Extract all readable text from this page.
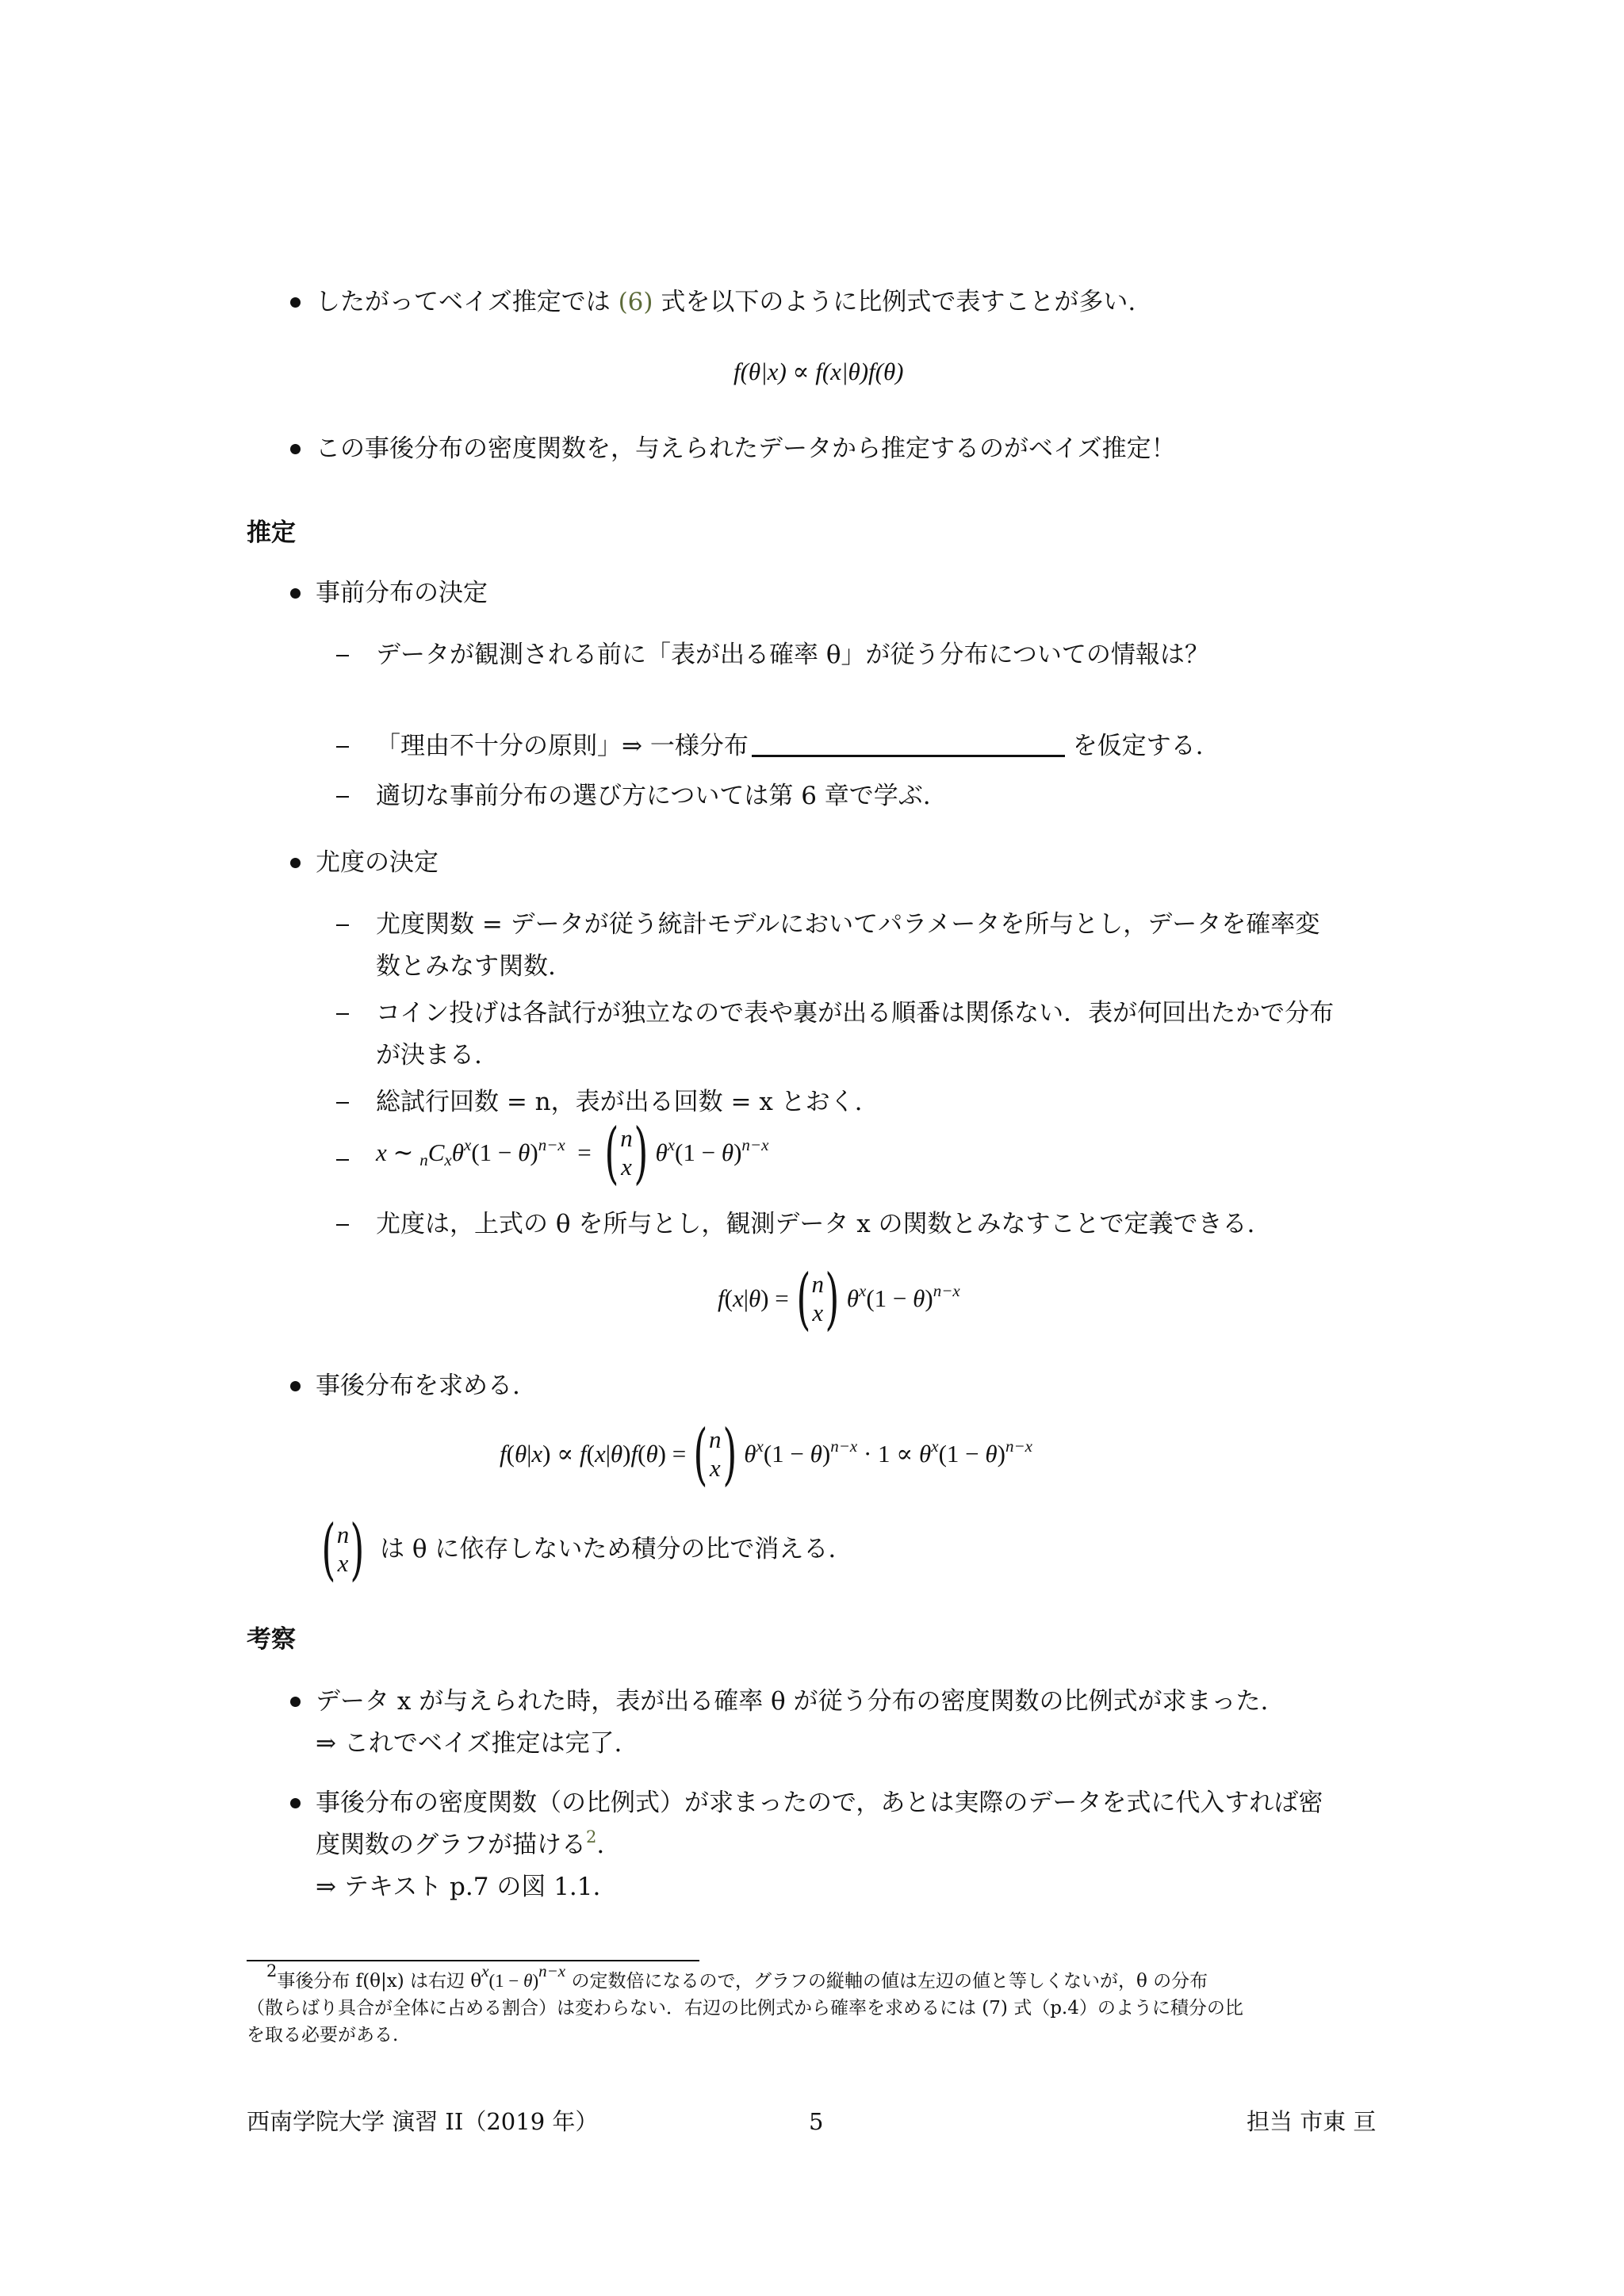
したがってベイズ推定では (6) 式を以下のように比例式で表すことが多い.
f(θ|x) ∝ f(x|θ)f(θ)
この事後分布の密度関数を，与えられたデータから推定するのがベイズ推定！
推定
事前分布の決定
データが観測される前に「表が出る確率 θ」が従う分布についての情報は？
「理由不十分の原則」⇒ 一様分布	を仮定する.
適切な事前分布の選び方については第 6 章で学ぶ.
尤度の決定
尤度関数 = データが従う統計モデルにおいてパラメータを所与とし，データを確率変
数とみなす関数.
コイン投げは各試行が独立なので表や裏が出る順番は関係ない．表が何回出たかで分布
が決まる.
総試行回数 = n，表が出る回数 = x とおく.
x ∼ $_nC_x\theta^x(1 - \theta)^{n-x}$  = ( n
x ) $\theta^x(1 - \theta)^{n-x}$
尤度は，上式の θ を所与とし，観測データ x の関数とみなすことで定義できる.
f(x|θ) = ( n
x ) $\theta^x(1 - \theta)^{n-x}$
事後分布を求める.
f(θ|x) ∝ f(x|θ)f(θ) = ( n
x ) $\theta^x(1 - \theta)^{n-x} \cdot 1 \propto \theta^x(1 - \theta)^{n-x}$
( n
x ) は θ に依存しないため積分の比で消える.
考察
データ x が与えられた時，表が出る確率 θ が従う分布の密度関数の比例式が求まった.
⇒ これでベイズ推定は完了.
事後分布の密度関数（の比例式）が求まったので，あとは実際のデータを式に代入すれば密
度関数のグラフが描ける$^2$.
⇒ テキスト p.7 の図 1.1.
$^2$事後分布 f(θ|x) は右辺 $\theta^x(1 - \theta)^{n-x}$ の定数倍になるので，グラフの縦軸の値は左辺の値と等しくないが，θ の分布
（散らばり具合が全体に占める割合）は変わらない．右辺の比例式から確率を求めるには (7) 式（p.4）のように積分の比
を取る必要がある.
西南学院大学 演習 II（2019 年）	5	担当 市東 亘
